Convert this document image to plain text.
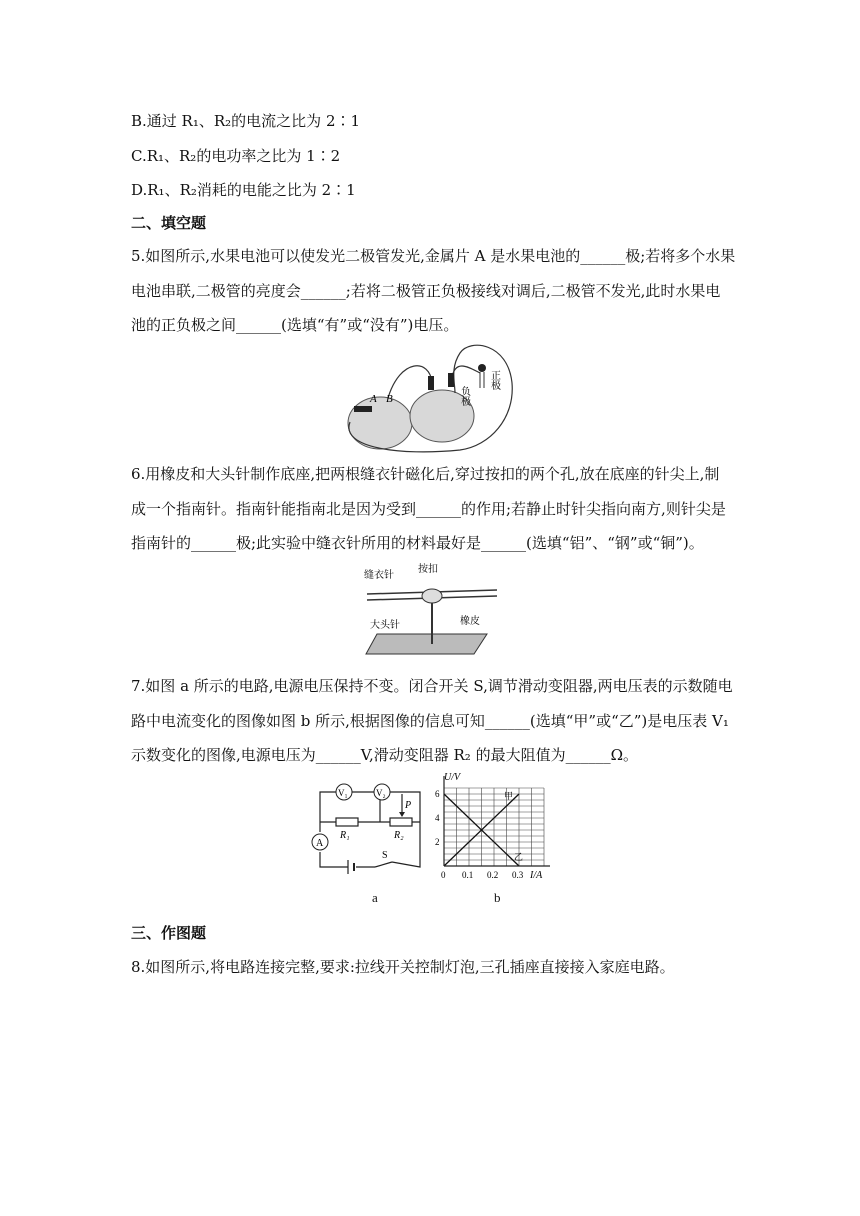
B.通过 R₁、R₂的电流之比为 2∶1
C.R₁、R₂的电功率之比为 1∶2
D.R₁、R₂消耗的电能之比为 2∶1
二、填空题
5.如图所示,水果电池可以使发光二极管发光,金属片 A 是水果电池的______极;若将多个水果
电池串联,二极管的亮度会______;若将二极管正负极接线对调后,二极管不发光,此时水果电
池的正负极之间______(选填“有”或“没有”)电压。
A B	负极
正极
6.用橡皮和大头针制作底座,把两根缝衣针磁化后,穿过按扣的两个孔,放在底座的针尖上,制
成一个指南针。指南针能指南北是因为受到______的作用;若静止时针尖指向南方,则针尖是
指南针的______极;此实验中缝衣针所用的材料最好是______(选填“铝”、“钢”或“铜”)。
缝衣针
按扣
大头针	橡皮
7.如图 a 所示的电路,电源电压保持不变。闭合开关 S,调节滑动变阻器,两电压表的示数随电
路中电流变化的图像如图 b 所示,根据图像的信息可知______(选填“甲”或“乙”)是电压表 V₁
示数变化的图像,电源电压为______V,滑动变阻器 R₂ 的最大阻值为______Ω。
A
V₁	V₂
R₁	R₂
P
S
甲
乙
0 0.1 0.2 0.3
2
4
6
U/V
I/A
a	b
三、作图题
8.如图所示,将电路连接完整,要求:拉线开关控制灯泡,三孔插座直接接入家庭电路。
